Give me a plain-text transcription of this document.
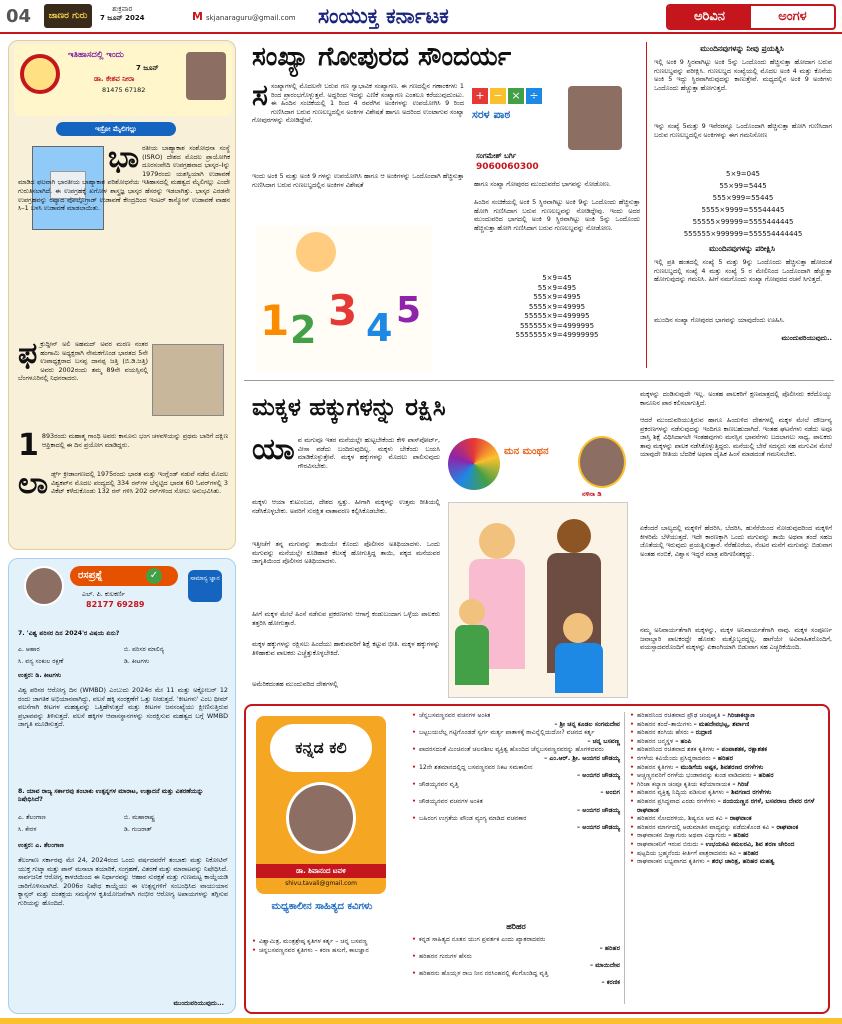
04	ಜಾಣರ ಗುರು
ಶುಕ್ರವಾರ
7 ಜೂನ್ 2024	Mskjanaraguru@gmail.com ಸಂಯುಕ್ತ ಕರ್ನಾಟಕ	ಅರಿವಿನ	ಅಂಗಳ
ಇತಿಹಾಸದಲ್ಲಿ ಇಂದು
7 ಜೂನ್
ಡಾ. ಕೇಶವ ನೀರಾ
81475 67182
ಇಸ್ರೋ ಮೈಲಿಗಲ್ಲು
ಭಾರತೀಯ ಬಾಹ್ಯಾಕಾಶ ಸಂಶೋಧನಾ ಸಂಸ್ಥೆ (ISRO) ದೇಶದ ಮೊದಲ ಪ್ರಾಯೋಗಿಕ ದೂರಸಂವೇದಿ ಉಪಗ್ರಹವಾದ ಭಾಸ್ಕರ–Iನ್ನು 1979ರಂದು ಯಶಸ್ವಿಯಾಗಿ ಉಡಾವಣೆ ಮಾಡಿದ ಫಲವಾಗಿ ಭಾರತೀಯ ಬಾಹ್ಯಾಕಾಶ ಪರಿಶೋಧನೆಯ ಇತಿಹಾಸದಲ್ಲಿ ಮಹತ್ವದ ಮೈಲಿಗಲ್ಲು ಎಂದೇ ಗುರುತಿಸಲಾಗಿದೆ. ಈ ಉಪಗ್ರಹಕ್ಕೆ ಖಗೋಳ ಶಾಸ್ತ್ರಜ್ಞ ಭಾಸ್ಕರ ಹೆಸರನ್ನು ಇಡಲಾಗಿತ್ತು. ಭಾಸ್ಕರ ಎರಡನೇ ಉಪಗ್ರಹವನ್ನು ರಷ್ಯಾದ ವೋಲ್ಗೊಗ್ರಾಡ್ ಉಡಾವಣೆ ಕೇಂದ್ರದಿಂದ ಇಂಟರ್ ಕಾಸ್ಮೋಸ್ ಉಡಾವಣೆ ವಾಹನ ಸಿ–1 ಬಳಸಿ ಉಡಾವಣೆ ಮಾಡಲಾಯಿತು.
ಫಕ್ರುದ್ದೀನ್ ಅಲಿ ಅಹಮದ್ ಅವರ ಮರಣ ನಂತರ ಹಂಗಾಮಿ ಅಧ್ಯಕ್ಷರಾಗಿ ನೇಮಕಗೊಂಡ ಭಾರತದ 5ನೇ ಉಪಾಧ್ಯಕ್ಷರಾದ ಬಸಪ್ಪ ದಾನಪ್ಪ ಜತ್ತಿ (ಬಿ.ಡಿ.ಜತ್ತಿ) ಅವರು 2002ರಂದು ತಮ್ಮ 89ನೇ ವಯಸ್ಸಿನಲ್ಲಿ ಬೆಂಗಳೂರಿನಲ್ಲಿ ನಿಧನರಾದರು.
1 893ರಂದು ಮಹಾತ್ಮ ಗಾಂಧಿ ಅವರು ಕಾನೂನು ಭಂಗ ಚಳವಳಿಯನ್ನು ಪ್ರಥಮ ಬಾರಿಗೆ ದಕ್ಷಿಣ ಆಫ್ರಿಕಾದಲ್ಲಿ ಈ ದಿನ ಪ್ರಯೋಗ ಮಾಡಿದ್ದರು.
ಲಾರ್ಡ್ಸ್ ಕ್ರೀಡಾಂಗಣದಲ್ಲಿ 1975ರಂದು ಭಾರತ ಮತ್ತು ಇಂಗ್ಲೆಂಡ್ ನಡುವೆ ನಡೆದ ಮೊದಲ ವಿಶ್ವಕಪ್‌ನ ಮೊದಲ ಪಂದ್ಯದಲ್ಲಿ 334 ರನ್‌ಗಳ ಬೆನ್ನಟ್ಟಿದ ಭಾರತ 60 ಓವರ್‌ಗಳಲ್ಲಿ 3 ವಿಕೆಟ್ ಕಳೆದುಕೊಂಡು 132 ರನ್ ಗಳಿಸಿ 202 ರನ್‌ಗಳಿಂದ ಸೋಲು ಅನುಭವಿಸಿತು.
ರಸಪ್ರಶ್ನೆ	✓
ಎಲ್. ಪಿ. ಕುಲಕರ್ಣಿ
82177 69289
ಸಾಮಾನ್ಯ ಜ್ಞಾನ
7. 'ವಿಶ್ವ ಪರಿಸರ ದಿನ 2024'ರ ವಿಷಯ ಏನು?
ಎ. ಆಹಾರ	ಬಿ. ಪರಿಸರ ಮಾಲಿನ್ಯ
ಸಿ. ವನ್ಯ ಸಂಕುಲ ರಕ್ಷಣೆ	ಡಿ. ಕೀಟಗಳು
ಉತ್ತರ: ಡಿ. ಕೀಟಗಳು
ವಿಶ್ವ ಪರಿಸರ ಆರೋಗ್ಯ ದಿನ (WMBD) ಎಂಬುದು 2024ರ ಮೇ 11 ಮತ್ತು ಅಕ್ಟೋಬರ್ 12 ರಂದು ಜಾಗತಿಕ ಅಭಿಯಾನವಾಗಿದ್ದು, ವಲಸೆ ಹಕ್ಕಿ ಸಂರಕ್ಷಣೆಗೆ ಒತ್ತು ನೀಡುತ್ತದೆ. 'ಕೀಟಗಳು' ಎಂಬ ಥೀಮ್ ವಲಸೆಗಾಗಿ ಕೀಟಗಳ ಮಹತ್ವವನ್ನು ಒತ್ತಿಹೇಳುತ್ತದೆ ಮತ್ತು ಕೀಟಗಳ ಜನಸಂಖ್ಯೆಯು ಕ್ಷೀಣಿಸುತ್ತಿರುವ ಪ್ರಭಾವವನ್ನು ತಿಳಿಸುತ್ತದೆ. ವಲಸೆ ಹಕ್ಕಿಗಳ ಆವಾಸಸ್ಥಾನಗಳನ್ನು ಸಂರಕ್ಷಿಸುವ ಮಹತ್ವದ ಬಗ್ಗೆ WMBD ಜಾಗೃತಿ ಮೂಡಿಸುತ್ತದೆ.
8. ಯಾವ ರಾಜ್ಯ ಸರ್ಕಾರವು ತಂಬಾಕು ಉತ್ಪನ್ನಗಳ ಮಾರಾಟ, ಉತ್ಪಾದನೆ ಮತ್ತು ವಿತರಣೆಯನ್ನು ನಿಷೇಧಿಸಿದೆ?
ಎ. ತೆಲಂಗಾಣ	ಬಿ. ಮಹಾರಾಷ್ಟ್ರ
ಸಿ. ಕೇರಳ	ಡಿ. ಗುಜರಾತ್
ಉತ್ತರ: ಎ. ತೆಲಂಗಾಣ
ತೆಲಂಗಾಣ ಸರ್ಕಾರವು ಮೇ 24, 2024ರಂದ ಒಂದು ವರ್ಷದವರೆಗೆ ತಂಬಾಕು ಮತ್ತು ನಿಕೋಟಿನ್ ಯುಕ್ತ ಗುಟ್ಕಾ ಮತ್ತು ಪಾನ್ ಮಸಾಲಾ ತಯಾರಿಕೆ, ಸಂಗ್ರಹಣೆ, ವಿತರಣೆ ಮತ್ತು ಮಾರಾಟವನ್ನು ನಿಷೇಧಿಸಿದೆ. ಸಾರ್ವಜನಿಕ ಆರೋಗ್ಯ ಕಾಳಜಿಯಿಂದ ಈ ನಿರ್ಧಾರವನ್ನು ಆಹಾರ ಸುರಕ್ಷತೆ ಮತ್ತು ಗುಣಮಟ್ಟ ಕಾಯ್ದೆಯಡಿ ಜಾರಿಗೊಳಿಸಲಾಗಿದೆ. 2006ರ ನಿಷೇಧ ಕಾಯ್ದೆಯು ಈ ಉತ್ಪನ್ನಗಳಿಗೆ ಸಂಬಂಧಿಸಿದ ವಾಯುಯಾನ ಕ್ಯಾನ್ಸರ್ ಮತ್ತು ದಂತಕ್ಷಯ ಸಮಸ್ಯೆಗಳ ಕೃತಿಯೋಜನೆಗಾಗಿ ಗಂಭೀರ ಆರೋಗ್ಯ ಅಪಾಯಗಳನ್ನು ತಗ್ಗಿಸುವ ಗುರಿಯನ್ನು ಹೊಂದಿದೆ.
ಮುಂದುವರಿಯುವುದು...
ಸಂಖ್ಯಾ ಗೋಪುರದ ಸೌಂದರ್ಯ
ಸಸಂಖ್ಯಾಗಳಲ್ಲಿ ಮೊದಲನೇ ಬರುವ ಗಣ ಸ್ವಾಭಾವಿಕ ಸಂಖ್ಯಾಗಣ. ಈ ಗಣದಲ್ಲಿನ ಗಣಾಂಕಗಳು 1 ರಿಂದ ಪ್ರಾರಂಭಗೊಳ್ಳುತ್ತವೆ. ಅದ್ದರಿಂದ ಇದನ್ನು ಎಣಿಕೆ ಸಂಖ್ಯಾಗಣ ಎಂತಲೂ ಕರೆಯುವುದುಂಟು. ಈ ಹಿಂದಿನ ಸಂಚಿಕೆಯಲ್ಲಿ 1 ರಿಂದ 4 ರವರೆಗಿನ ಅಂಕಿಗಳನ್ನು ಉಪಯೋಗಿಸಿ 9 ರಿಂದ ಗುಣಿಸಿದಾಗ ಬರುವ ಗುಣಲಬ್ಧದಲ್ಲಿನ ಅಂಕಿಗಳ ವಿಶೇಷತೆ ಹಾಗೂ ಅದರಿಂದ ಉಂಟಾಗುವ ಸಂಖ್ಯಾ ಗೋಪುರಗಳನ್ನು ನೋಡಿದ್ದೇವೆ.
ಇಂದು ಅಂಕಿ 5 ಮತ್ತು ಅಂಕಿ 9 ಗಳನ್ನು ಉಪಯೋಗಿಸಿ ಹಾಗೂ ಆ ಅಂಕಿಗಳನ್ನು ಒಂದೊಂದಾಗಿ ಹೆಚ್ಚಿಸುತ್ತಾ ಗುಣಿಸಿದಾಗ ಬರುವ ಗುಣಲಬ್ಧದಲ್ಲಿನ ಅಂಕಿಗಳ ವಿಶೇಷತೆ
1 2 3 4 5
+ − × ÷
ಸರಳ ಪಾಠ
ಸಂಗಮೇಶ್ ಬರ್ಗಿ
9060060300
ಹಾಗೂ ಸಂಖ್ಯಾ ಗೋಪುರದ ಮುಂದುವರೆದ ಭಾಗವನ್ನು ನೋಡೋಣ.
ಹಿಂದಿನ ಸಂಚಿಕೆಯಲ್ಲಿ ಅಂಕಿ 5 ಸ್ಥಿರವಾಗಿಟ್ಟು ಅಂಕಿ 9ನ್ನು ಒಂದೊಂದು ಹೆಚ್ಚಿಸುತ್ತಾ ಹೋಗಿ ಗುಣಿಸಿದಾಗ ಬರುವ ಗುಣಲಬ್ಧವನ್ನು ನೋಡಿದ್ದೇವು. ಇಂದು ಅದರ ಮುಂದುವರಿದ ಭಾಗದಲ್ಲಿ ಅಂಕಿ 9 ಸ್ಥಿರವಾಗಿಟ್ಟು ಅಂಕಿ 5ನ್ನು ಒಂದೊಂದು ಹೆಚ್ಚಿಸುತ್ತಾ ಹೋಗಿ ಗುಣಿಸಿದಾಗ ಬರುವ ಗುಣಲಬ್ಧವನ್ನು ನೋಡೋಣ.
5×9=45
55×9=495
555×9=4995
5555×9=49995
55555×9=499995
555555×9=4999995
5555555×9=49999995
ಮುಂದಿನವುಗಳನ್ನು ನೀವು ಪ್ರಯತ್ನಿಸಿ
ಇಲ್ಲಿ ಅಂಕಿ 9 ಸ್ಥಿರವಾಗಿಟ್ಟು ಅಂಕಿ 5ನ್ನು ಒಂದೊಂದು ಹೆಚ್ಚಿಸುತ್ತಾ ಹೋದಾಗ ಬರುವ ಗುಣಲಬ್ಧವನ್ನು ಪರೀಕ್ಷಿಸಿ. ಗುಣಲಬ್ಧದ ಸಂಖ್ಯೆಯಲ್ಲಿ ಮೊದಲ ಅಂಕಿ 4 ಮತ್ತು ಕೊನೆಯ ಅಂಕಿ 5 ಇದ್ದು ಸ್ಥಿರವಾಗಿರುವುದನ್ನು ಕಾಣುತ್ತೇವೆ. ಮಧ್ಯದಲ್ಲಿನ ಅಂಕಿ 9 ಅಂಕಿಗಳು ಒಂದೊಂದು ಹೆಚ್ಚುತ್ತಾ ಹೋಗುತ್ತದೆ.
ಇನ್ನು ಸಂಖ್ಯೆ 5ಮತ್ತು 9 ಇವೆರಡನ್ನೂ ಒಂದೊಂದಾಗಿ ಹೆಚ್ಚಿಸುತ್ತಾ ಹೋಗಿ ಗುಣಿಸಿದಾಗ ಬರುವ ಗುಣಲಬ್ಧದಲ್ಲಿನ ಅಂಕಿಗಳನ್ನು ಈಗ ಗಮನಿಸೋಣ
5×9=045
55×99=5445
555×999=55445
5555×9999=55544445
55555×99999=5555444445
555555×999999=555554444445
ಮುಂದಿನವುಗಳನ್ನು ಪರೀಕ್ಷಿಸಿ
ಇಲ್ಲಿ ಪ್ರತಿ ಹಂತದಲ್ಲಿ ಸಂಖ್ಯೆ 5 ಮತ್ತು 9ನ್ನು ಒಂದೊಂದು ಹೆಚ್ಚಿಸುತ್ತಾ ಹೋದಂತೆ ಗುಣಲಬ್ಧದಲ್ಲಿ ಸಂಖ್ಯೆ 4 ಮತ್ತು ಸಂಖ್ಯೆ 5 ರ ಮೇಲಿನಿಂದ ಒಂದೊಂದಾಗಿ ಹೆಚ್ಚುತ್ತಾ ಹೋಗುವುದನ್ನು ಗಮನಿಸಿ. ಹೀಗೆ ನಮಗೊಂದು ಸಂಖ್ಯಾ ಗೋಪುರದ ರಚನೆ ಸಿಗುತ್ತದೆ.
ಮುಂದಿನ ಸಂಖ್ಯಾ ಗೋಪುರದ ಭಾಗವನ್ನು ಯಾವುದೆಂದು ಊಹಿಸಿ.
ಮುಂದುವರಿಯುವುದು..
ಮಕ್ಕಳ ಹಕ್ಕುಗಳನ್ನು ರಕ್ಷಿಸಿ
ಯಾವ ಮಗುವೂ ಇತರ ಮನೆಯಲ್ಲೇ ಹುಟ್ಟಬೇಕೆಂದು ಕೇಳಿ ಪಾಸ್‌ಪೋರ್ಟ್, ವೀಸಾ ಪಡೆದು ಬಂದಿರುವುದಿಲ್ಲ. ಮಕ್ಕಳು ಬೇಕೆಂದು ಬಯಸಿ ಮಾಡಿಕೊಳ್ಳುತ್ತೇವೆ. ಮಕ್ಕಳ ಹಕ್ಕುಗಳನ್ನು ಮೊದಲು ಪಾಲಿಸುವುದು ಗೌರವಿಸಬೇಕು.
ಮಕ್ಕಳು ಆಯಾ ಕುಟುಂಬದ, ದೇಶದ ಸ್ವತ್ತು. ಹೀಗಾಗಿ ಮಕ್ಕಳನ್ನು ಉತ್ತಮ ರೀತಿಯಲ್ಲಿ ನಡೆಸಿಕೊಳ್ಳಬೇಕು. ಅವರಿಗೆ ಸುರಕ್ಷಿತ ವಾತಾವರಣ ಕಲ್ಪಿಸಿಕೊಡಬೇಕು.
ಇತ್ತೀಚೆಗೆ ತನ್ನ ಮಗುವನ್ನು ತಾಯಿಯೇ ಕೊಂದು ಪೊಲೀಸರ ಅತಿಥಿಯಾದಳು. ಒಂದು ಮಗುವನ್ನು ಮನೆಯಲ್ಲೇ ಕೂಡಿಹಾಕಿ ಕೆಲಸಕ್ಕೆ ಹೋಗುತ್ತಿದ್ದ ತಾಯಿ, ಪಕ್ಕದ ಮನೆಯವರ ಜಾಗೃತಿಯಿಂದ ಪೊಲೀಸರ ಅತಿಥಿಯಾದಳು.
ಹೀಗೆ ಮಕ್ಕಳ ಮೇಲೆ ಹಿಂಸೆ ನಡೆಸುವ ಪ್ರಕರಣಗಳು ಆಗಾಗ್ಗೆ ಕಂಡುಬಂದಾಗ ಒಳ್ಳೆಯ ಪಾಲಕರು ತತ್ತರಿಸಿ ಹೋಗುತ್ತಾರೆ.
ಮಕ್ಕಳ ಹಕ್ಕುಗಳನ್ನು ರಕ್ಷಿಸಲು ಹಿಂದೆಯು ಹಾಕುವವರಿಗೆ ಶಿಕ್ಷೆ ಕಟ್ಟುವ ಭೀತಿ. ಮಕ್ಕಳ ಹಕ್ಕುಗಳನ್ನು ತಿಳಿಹಾಕುವ ಪಾಲಕರು ಎಚ್ಚೆತ್ತುಕೊಳ್ಳಬೇಕಿದೆ.
ಅಮೆರಿಕದಂತಹ ಮುಂದುವರಿದ ದೇಶಗಳಲ್ಲಿ
ಮನ ಮಂಥನ
ನಳಿನಾ ಡಿ
ಮಕ್ಕಳನ್ನು ದಂಡಿಸುವುದೇ ಇಲ್ಲ. ಅಂತಹ ಪಾಲಕರಿಗೆ ಕ್ಷಣಮಾತ್ರದಲ್ಲಿ ಪೊಲೀಸರು ಕರೆದೊಯ್ಯು ಕಾನೂನಿನ ಪಾಠ ಕಲಿಸಲಾಗುತ್ತಿದೆ.
ಆದರೆ ಮುಂದುವರಿಯುತ್ತಿರುವ ಹಾಗೂ ಹಿಂದುಳಿದ ದೇಶಗಳಲ್ಲಿ ಮಕ್ಕಳ ಮೇಲೆ ದೌರ್ಜನ್ಯ ಪ್ರಕರಣಗಳನ್ನು ನಡೆಸುವುದನ್ನು ಇಂದಿಗೂ ಕಾಣಬಹುದಾಗಿದೆ. ಇಂತಹ ಘಟನೆಗಳು ನಡೆದು ಅವೂ ಜಾಸ್ತಿ ಶಿಕ್ಷೆ ವಿಧಿಸಿದಾಗಲೇ ಇಂತಹವುಗಳು ಮನಸ್ಸಿನ ಭಾವನೆಗಳು ಬದಲಾಗಲು ಸಾಧ್ಯ. ಪಾಲಕರು ತಾವು ಮಕ್ಕಳನ್ನು ಪಾಲಕ ನಡೆಸಿಕೊಳ್ಳುತ್ತಿದ್ದರು. ಮನೆಯಲ್ಲಿ ಬೇರೆ ಸದಸ್ಯರು ಸಹ ಮಗುವಿನ ಮೇಲೆ ಯಾವುದೇ ರೀತಿಯ ಬೆದರಿಕೆ ಅಥವಾ ದೈಹಿಕ ಹಿಂಸೆ ಮಾಡದಂತೆ ಗಮನಿಸಬೇಕು.
ಏಕೆಂದರೆ ಬಾಲ್ಯದಲ್ಲಿ ಮಕ್ಕಳಿಗೆ ಹೆದರಿಸಿ, ಬೆದರಿಸಿ, ಹುಸೆರೆಯಿಂದ ನೋಡುವುದರಿಂದ ಮಕ್ಕಳಿಗೆ ಕೀಳರಿಮೆ ಬೆಳೆಯುತ್ತದೆ. ಇದೇ ಕಾರಣಕ್ಕಾಗಿ ಒಂದು ಮಗುವನ್ನು ತಾಯಿ ಅಥವಾ ತಂದೆ ಸಹಜ ಜೊತೆಯಲ್ಲಿ ಇರುವುದು ಪ್ರಯತ್ನಿಸುತ್ತಾರೆ. ನೆರೆಹೊರೆಯ, ನೆಂಟರ ಮನೆಗೆ ಮಗುವನ್ನು ಬಿಡುವಾಗ ಅಂತಹ ನಂಬಿಕೆ, ವಿಶ್ವಾಸ ಇದ್ದರೆ ಮಾತ್ರ ಪರಿಗಣಿಸತಕ್ಕದ್ದು.
ನಮ್ಮ ಅನಿವಾರ್ಯತೆಗಾಗಿ ಮಕ್ಕಳನ್ನು, ಮಕ್ಕಳ ಅನಿವಾರ್ಯತೆಗಾಗಿ ನಾವು. ಮಕ್ಕಳ ಸಂಪೂರ್ಣ ಜವಾಬ್ದಾರಿ ಪಾಲಕರದ್ದೇ ಹೊರತು ಮತ್ತೊಬ್ಬರದ್ದಲ್ಲ. ಹಾಗೆಯೇ ಅವಿವಾಹಿತರೊಂದಿಗೆ, ವಯಸ್ಸಾದವರೊಂದಿಗೆ ಮಕ್ಕಳನ್ನು ಏಕಾಂಗಿಯಾಗಿ ಬಿಡುವಾಗ ಸಹ ಎಚ್ಚರಿಕೆಯಿಂದಿ.
ಕನ್ನಡ ಕಲಿ
ಡಾ. ಶಿವಾನಂದ ಟವಳಿ
shivu.tavali@gmail.com
ಮಧ್ಯಕಾಲೀನ ಸಾಹಿತ್ಯದ ಕವಿಗಳು
• ವಿಶ್ವಾಮಿತ್ರ, ಮಂತ್ರಶ್ರೇಷ್ಠ ಕೃತಿಗಳ ಕರ್ತೃ – ಚನ್ನ ಬಸವಣ್ಣ
• ಚನ್ನಬಸವಣ್ಣನವರ ಕೃತಿಗಳು – ಕರಣ ಹಸುಗೆ, ಕಾಲಜ್ಞಾನ
• ಚೆನ್ನಬಸವಣ್ಣನವರ ವಚನಗಳ ಅಂಕಿತ
– ಶ್ರೀ ಚನ್ನ ಕೂಡಲ ಸಂಗಮದೇವ
• ಬಟ್ಟಬಯಲೆಲ್ಲ ಗಟ್ಟಿಗೊಂಡಡೆ ಸ್ವರ್ಗ ಮರ್ತ್ಯ ಪಾತಾಳಕ್ಕೆ ಠಾವಿನ್ನೆಲ್ಲಿಯದೋ? ವಚನದ ಕರ್ತೃ
– ಚನ್ನ ಬಸವಣ್ಣ
• ಪಾದರಸದಂತೆ ಮಿಂಚಿನಂತೆ ಚಲನಶೀಲ ವ್ಯಕ್ತಿತ್ವ ಹೊಂದಿದ ಚೆನ್ನಬಸವಣ್ಣನವರನ್ನು ಹೊಗಳಿದವರು
– ಎಂ.ಆರ್. ಶ್ರೀ. ಅಂಬಿಗರ ಚೌಡಯ್ಯ
• 12ನೇ ಶತಮಾನದಲ್ಲಿದ್ದ ಬಸವಣ್ಣನವರ ನಿಕಟ ಸಮಕಾಲೀನ
– ಅಂಬಿಗರ ಚೌಡಯ್ಯ
• ಚೌಡಯ್ಯನವರ ವೃತ್ತಿ
– ಅಂಬಿಗ
• ಚೌಡಯ್ಯನವರ ವಚನಗಳ ಅಂಕಿತ
– ಅಂಬಿಗರ ಚೌಡಯ್ಯ
• ಬಹಿರಂಗ ಉಗ್ರತೆಯ ಪೌಂಡ ವ್ಯಂಗ್ಯ ಮಾಡಿದ ವಚನಕಾರ
– ಅಂಬಿಗರ ಚೌಡಯ್ಯ
ಹರಿಹರ
• ಕನ್ನಡ ಸಾಹಿತ್ಯದ ನೂತನ ಯುಗ ಪ್ರವರ್ತಕ ಎಂದು ಖ್ಯಾತರಾದವರು
– ಹರಿಹರ
• ಹರಿಹರನ ಗುರುಗಳ ಹೆಸರು
– ಮಾಯಿದೇವ
• ಹರಿಹರನು ಹೊಯ್ಸಳ ರಾಜ ನೀನ ನರಸಿಂಹನಲ್ಲಿ ಕೆಲಗೊಂಡಿದ್ದ ವೃತ್ತಿ
– ಕರಣಿಕ
• ಹರಿಹರನಿಂದ ರಚಿತವಾದ ಪ್ರೌಢ ಚಂಪೂಕೃತಿ – ಗಿರಿಜಾಕಲ್ಯಾಣ
• ಹರಿಹರನ ತಂದೆ–ತಾಯಿಗಳು – ಮಹದೇವಭಟ್ಟ, ಶರ್ವಾಣಿ
• ಹರಿಹರನ ತಂಗಿಯ ಹೆಸರು – ರುದ್ರಾಣಿ
• ಹರಿಹರನ ಜನ್ಮಸ್ಥಳ – ಹಂಪಿ
• ಹರಿಹರನಿಂದ ರಚಿತವಾದ ಶತಕ ಕೃತಿಗಳು – ಪಂಪಾಶತಕ, ರಕ್ಷಾಶತಕ
• ರಗಳೆಯ ಕವಿಯೆಂದು ಪ್ರಸಿದ್ಧರಾದವರು – ಹರಿಹರ
• ಹರಿಹರನ ಕೃತಿಗಳು – ಮುಡಿಗೆಯ ಅಷ್ಟಕ, ಶಿವಶರಣರ ರಗಳೆಗಳು
• ಆಚ್ಚಣ್ಣನವರಿಗೆ ರಗಳೆಯ ಭಂಡಾರವನ್ನು ಕುಂಡ ವಾಡಿದವರು – ಹರಿಹರ
• ಗಿರಿಜಾ ಕಲ್ಯಾಣ ಚಂಪೂ ಕೃತಿಯ ಕಥೆಯಾನಾಯಕ – ಗಿರಿಜೆ
• ಹರಿಹರನ ವ್ಯಕ್ತಿತ್ವ ನಿದ್ಯಿಯ ಪಡಿಸುವ ಕೃತಿಗಳು – ಶಿವಗಣದ ರಗಳೆಗಳು
• ಹರಿಹರನ ಪ್ರಸಿದ್ಧವಾದ ಎರಡು ರಗಳೆಗಳು – ನಂಬಿಯಣ್ಣನ ರಗಳೆ, ಬಸವರಾಜ ದೇವರ ರಗಳೆ ರಾಘವಾಂಕ
• ಹರಿಹರನ ಸೋದರಳಿಯ, ಶಿಷ್ಯನೂ ಆದ ಕವಿ – ರಾಘವಾಂಕ
• ಹರಿಹರನ ಮಾರ್ಗದಲ್ಲಿ ಆಡುಮಾತಿನ ವಾದ್ಯವನ್ನು ಪಡೆದುಕೊಂಡ ಕವಿ – ರಾಘವಾಂಕ
• ರಾಘವಾಂಕನ ದೀಕ್ಷಾಗುರು ಅಥವಾ ವಿದ್ಯಾಗುರು – ಹರಿಹರ
• ರಾಘವಾಂಕನಿಗೆ ಇರುವ ಬಿರುದು – ಉಭಯಕವಿ ಕಮಲರವಿ, ಶಿವ ಶರಣ ಚೇರಿಂದ
• ಷಟ್ಪದಿಯ ಬ್ರಹ್ಮನೆಂದು ಕೀರ್ತಿಗೆ ಪಾತ್ರರಾದವರು ಕವಿ – ಹರಿಹರ
• ರಾಘವಾಂಕನ ಲಭ್ಯವಾಗದ ಕೃತಿಗಳು – ಶರಭ ಚಾರಿತ್ರ, ಹರಿಹರ ಮಹತ್ವ
